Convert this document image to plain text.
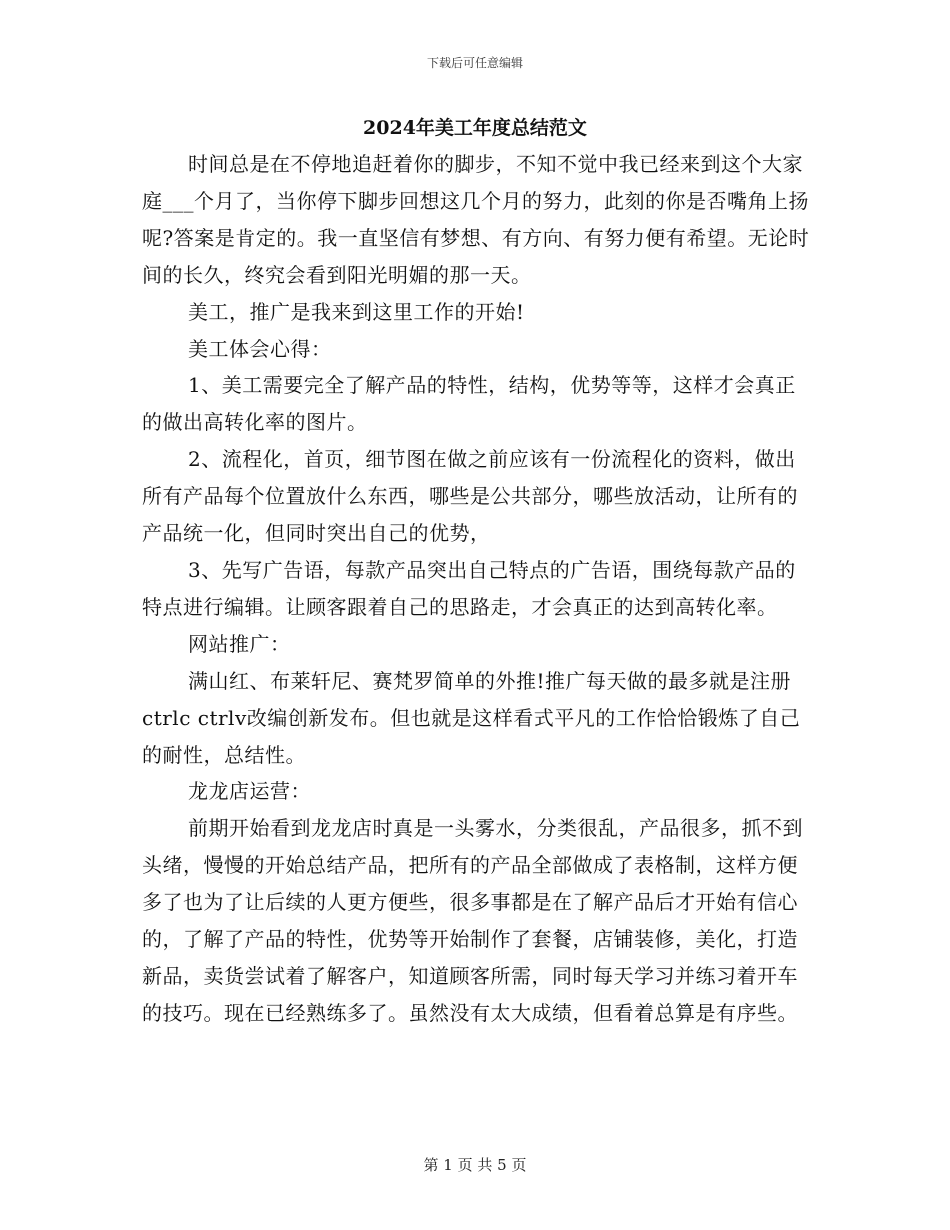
下载后可任意编辑
2024年美工年度总结范文

时间总是在不停地追赶着你的脚步，不知不觉中我已经来到这个大家庭___个月了，当你停下脚步回想这几个月的努力，此刻的你是否嘴角上扬呢?答案是肯定的。我一直坚信有梦想、有方向、有努力便有希望。无论时间的长久，终究会看到阳光明媚的那一天。

美工，推广是我来到这里工作的开始!

美工体会心得：

1、美工需要完全了解产品的特性，结构，优势等等，这样才会真正的做出高转化率的图片。

2、流程化，首页，细节图在做之前应该有一份流程化的资料，做出所有产品每个位置放什么东西，哪些是公共部分，哪些放活动，让所有的产品统一化，但同时突出自己的优势，

3、先写广告语，每款产品突出自己特点的广告语，围绕每款产品的特点进行编辑。让顾客跟着自己的思路走，才会真正的达到高转化率。

网站推广：

满山红、布莱轩尼、赛梵罗简单的外推!推广每天做的最多就是注册ctrlc ctrlv改编创新发布。但也就是这样看式平凡的工作恰恰锻炼了自己的耐性，总结性。

龙龙店运营：

前期开始看到龙龙店时真是一头雾水，分类很乱，产品很多，抓不到头绪，慢慢的开始总结产品，把所有的产品全部做成了表格制，这样方便多了也为了让后续的人更方便些，很多事都是在了解产品后才开始有信心的，了解了产品的特性，优势等开始制作了套餐，店铺装修，美化，打造新品，卖货尝试着了解客户，知道顾客所需，同时每天学习并练习着开车的技巧。现在已经熟练多了。虽然没有太大成绩，但看着总算是有序些。

第 1 页 共 5 页
